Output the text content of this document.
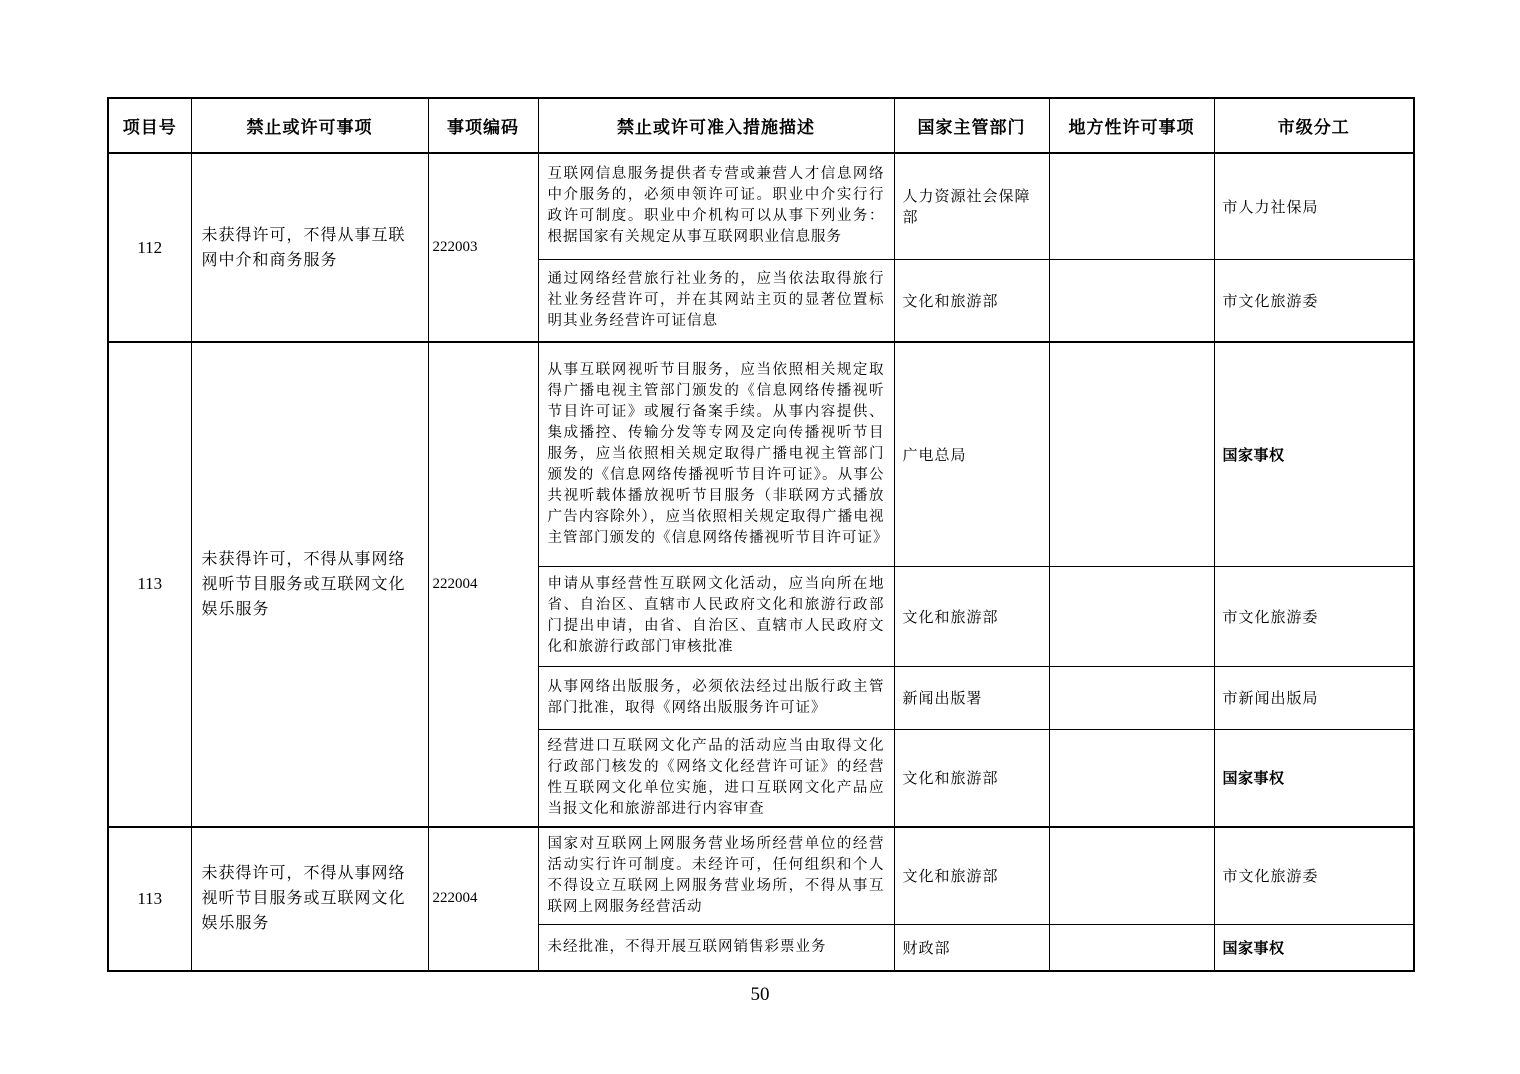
项目号	禁止或许可事项	事项编码	禁止或许可准入措施描述	国家主管部门	地方性许可事项	市级分工
112	未获得许可，不得从事互联网中介和商务服务	222003	互联网信息服务提供者专营或兼营人才信息网络中介服务的，必须申领许可证。职业中介实行行政许可制度。职业中介机构可以从事下列业务：根据国家有关规定从事互联网职业信息服务	人力资源社会保障部		市人力社保局
			通过网络经营旅行社业务的，应当依法取得旅行社业务经营许可，并在其网站主页的显著位置标明其业务经营许可证信息	文化和旅游部		市文化旅游委
113	未获得许可，不得从事网络视听节目服务或互联网文化娱乐服务	222004	从事互联网视听节目服务，应当依照相关规定取得广播电视主管部门颁发的《信息网络传播视听节目许可证》或履行备案手续。从事内容提供、集成播控、传输分发等专网及定向传播视听节目服务，应当依照相关规定取得广播电视主管部门颁发的《信息网络传播视听节目许可证》。从事公共视听载体播放视听节目服务（非联网方式播放广告内容除外），应当依照相关规定取得广播电视主管部门颁发的《信息网络传播视听节目许可证》	广电总局		国家事权
			申请从事经营性互联网文化活动，应当向所在地省、自治区、直辖市人民政府文化和旅游行政部门提出申请，由省、自治区、直辖市人民政府文化和旅游行政部门审核批准	文化和旅游部		市文化旅游委
			从事网络出版服务，必须依法经过出版行政主管部门批准，取得《网络出版服务许可证》	新闻出版署		市新闻出版局
			经营进口互联网文化产品的活动应当由取得文化行政部门核发的《网络文化经营许可证》的经营性互联网文化单位实施，进口互联网文化产品应当报文化和旅游部进行内容审查	文化和旅游部		国家事权
113	未获得许可，不得从事网络视听节目服务或互联网文化娱乐服务	222004	国家对互联网上网服务营业场所经营单位的经营活动实行许可制度。未经许可，任何组织和个人不得设立互联网上网服务营业场所，不得从事互联网上网服务经营活动	文化和旅游部		市文化旅游委
			未经批准，不得开展互联网销售彩票业务	财政部		国家事权
50
